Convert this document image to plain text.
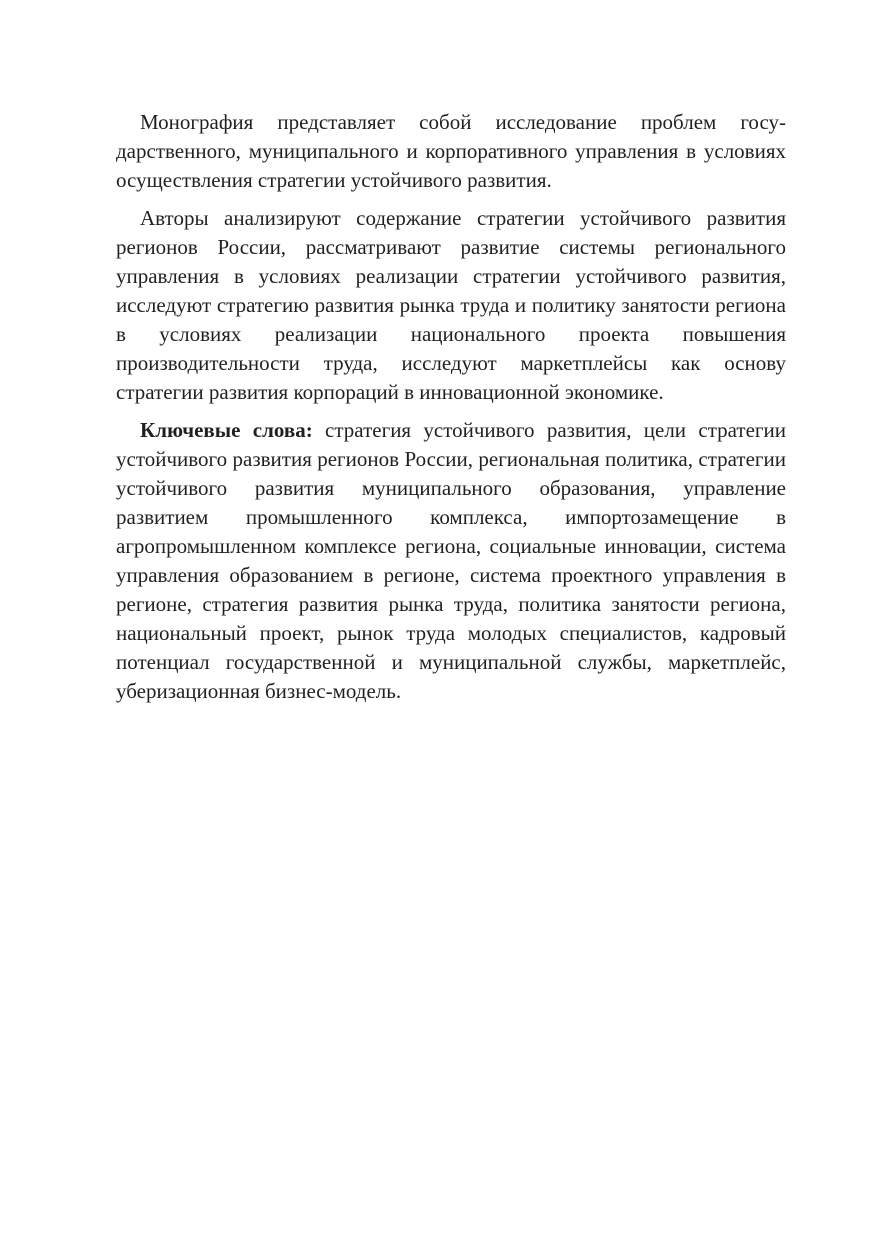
Монография представляет собой исследование проблем государственного, муниципального и корпоративного управления в условиях осуществления стратегии устойчивого развития.

Авторы анализируют содержание стратегии устойчивого развития регионов России, рассматривают развитие системы регионального управления в условиях реализации стратегии устойчивого развития, исследуют стратегию развития рынка труда и политику занятости региона в условиях реализации национального проекта повышения производительности труда, исследуют маркетплейсы как основу стратегии развития корпораций в инновационной экономике.

Ключевые слова: стратегия устойчивого развития, цели стратегии устойчивого развития регионов России, региональная политика, стратегии устойчивого развития муниципального образования, управление развитием промышленного комплекса, импортозамещение в агропромышленном комплексе региона, социальные инновации, система управления образованием в регионе, система проектного управления в регионе, стратегия развития рынка труда, политика занятости региона, национальный проект, рынок труда молодых специалистов, кадровый потенциал государственной и муниципальной службы, маркетплейс, уберизационная бизнес-модель.
